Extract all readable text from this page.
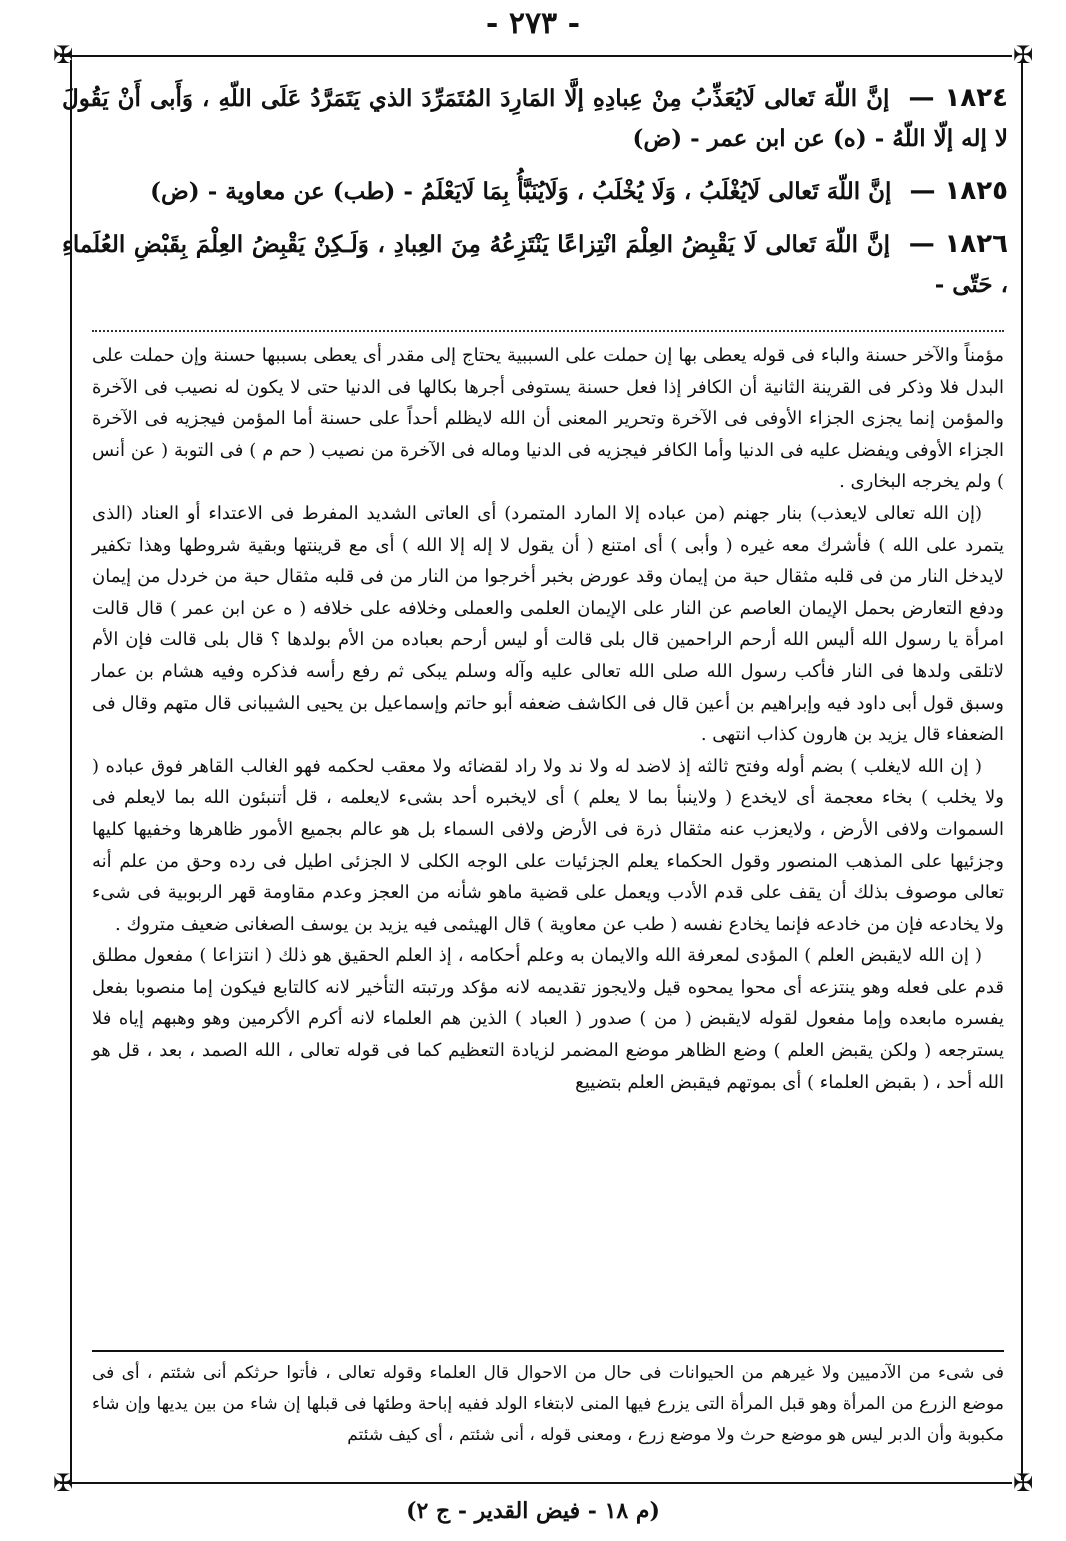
- ٢٧٣ -
✠	✠
✠	✠

١٨٢٤ — إنَّ اللّهَ تَعالى لَايُعَذِّبُ مِنْ عِبادِهِ إلَّا المَارِدَ المُتَمَرِّدَ الذي يَتَمَرَّدُ عَلَى اللّهِ ، وَأَبى أَنْ يَقُولَ لا إله إلّا اللّهُ - (ه) عن ابن عمر - (ض)

١٨٢٥ — إنَّ اللّهَ تَعالى لَايُغْلَبُ ، وَلَا يُخْلَبُ ، وَلَايُنَبَّأُ بِمَا لَايَعْلَمُ - (طب) عن معاوية - (ض)

١٨٢٦ — إنَّ اللّهَ تَعالى لَا يَقْبِضُ العِلْمَ انْتِزاعًا يَنْتَزِعُهُ مِنَ العِبادِ ، وَلَـكِنْ يَقْبِضُ العِلْمَ بِقَبْضِ العُلَماءِ ، حَتّى -

مؤمناً والآخر حسنة والباء فى قوله يعطى بها إن حملت على السببية يحتاج إلى مقدر أى يعطى بسببها حسنة وإن حملت على البدل فلا وذكر فى القرينة الثانية أن الكافر إذا فعل حسنة يستوفى أجرها بكالها فى الدنيا حتى لا يكون له نصيب فى الآخرة والمؤمن إنما يجزى الجزاء الأوفى فى الآخرة وتحرير المعنى أن الله لايظلم أحداً على حسنة أما المؤمن فيجزيه فى الآخرة الجزاء الأوفى ويفضل عليه فى الدنيا وأما الكافر فيجزيه فى الدنيا وماله فى الآخرة من نصيب ( حم م ) فى التوبة ( عن أنس ) ولم يخرجه البخارى .

(إن الله تعالى لايعذب) بنار جهنم (من عباده إلا المارد المتمرد) أى العاتى الشديد المفرط فى الاعتداء أو العناد (الذى يتمرد على الله ) فأشرك معه غيره ( وأبى ) أى امتنع ( أن يقول لا إله إلا الله ) أى مع قرينتها وبقية شروطها وهذا تكفير لايدخل النار من فى قلبه مثقال حبة من إيمان وقد عورض بخبر أخرجوا من النار من فى قلبه مثقال حبة من خردل من إيمان ودفع التعارض بحمل الإيمان العاصم عن النار على الإيمان العلمى والعملى وخلافه على خلافه ( ه عن ابن عمر ) قال قالت امرأة يا رسول الله أليس الله أرحم الراحمين قال بلى قالت أو ليس أرحم بعباده من الأم بولدها ؟ قال بلى قالت فإن الأم لاتلقى ولدها فى النار فأكب رسول الله صلى الله تعالى عليه وآله وسلم يبكى ثم رفع رأسه فذكره وفيه هشام بن عمار وسبق قول أبى داود فيه وإبراهيم بن أعين قال فى الكاشف ضعفه أبو حاتم وإسماعيل بن يحيى الشيبانى قال متهم وقال فى الضعفاء قال يزيد بن هارون كذاب انتهى .

( إن الله لايغلب ) بضم أوله وفتح ثالثه إذ لاضد له ولا ند ولا راد لقضائه ولا معقب لحكمه فهو الغالب القاهر فوق عباده ( ولا يخلب ) بخاء معجمة أى لايخدع ( ولاينبأ بما لا يعلم ) أى لايخبره أحد بشىء لايعلمه ، قل أتنبئون الله بما لايعلم فى السموات ولافى الأرض ، ولايعزب عنه مثقال ذرة فى الأرض ولافى السماء بل هو عالم بجميع الأمور ظاهرها وخفيها كليها وجزئيها على المذهب المنصور وقول الحكماء يعلم الجزئيات على الوجه الكلى لا الجزئى اطيل فى رده وحق من علم أنه تعالى موصوف بذلك أن يقف على قدم الأدب ويعمل على قضية ماهو شأنه من العجز وعدم مقاومة قهر الربوبية فى شىء ولا يخادعه فإن من خادعه فإنما يخادع نفسه ( طب عن معاوية ) قال الهيثمى فيه يزيد بن يوسف الصغانى ضعيف متروك .

( إن الله لايقبض العلم ) المؤدى لمعرفة الله والايمان به وعلم أحكامه ، إذ العلم الحقيق هو ذلك ( انتزاعا ) مفعول مطلق قدم على فعله وهو ينتزعه أى محوا يمحوه قيل ولايجوز تقديمه لانه مؤكد ورتبته التأخير لانه كالتابع فيكون إما منصوبا بفعل يفسره مابعده وإما مفعول لقوله لايقبض ( من ) صدور ( العباد ) الذين هم العلماء لانه أكرم الأكرمين وهو وهبهم إياه فلا يسترجعه ( ولكن يقبض العلم ) وضع الظاهر موضع المضمر لزيادة التعظيم كما فى قوله تعالى ، الله الصمد ، بعد ، قل هو الله أحد ، ( بقبض العلماء ) أى بموتهم فيقبض العلم بتضييع

فى شىء من الآدميين ولا غيرهم من الحيوانات فى حال من الاحوال قال العلماء وقوله تعالى ، فأتوا حرثكم أنى شئتم ، أى فى موضع الزرع من المرأة وهو قبل المرأة التى يزرع فيها المنى لابتغاء الولد ففيه إباحة وطئها فى قبلها إن شاء من بين يديها وإن شاء مكبوبة وأن الدبر ليس هو موضع حرث ولا موضع زرع ، ومعنى قوله ، أنى شئتم ، أى كيف شئتم

(م ١٨ - فيض القدير - ج ٢)
